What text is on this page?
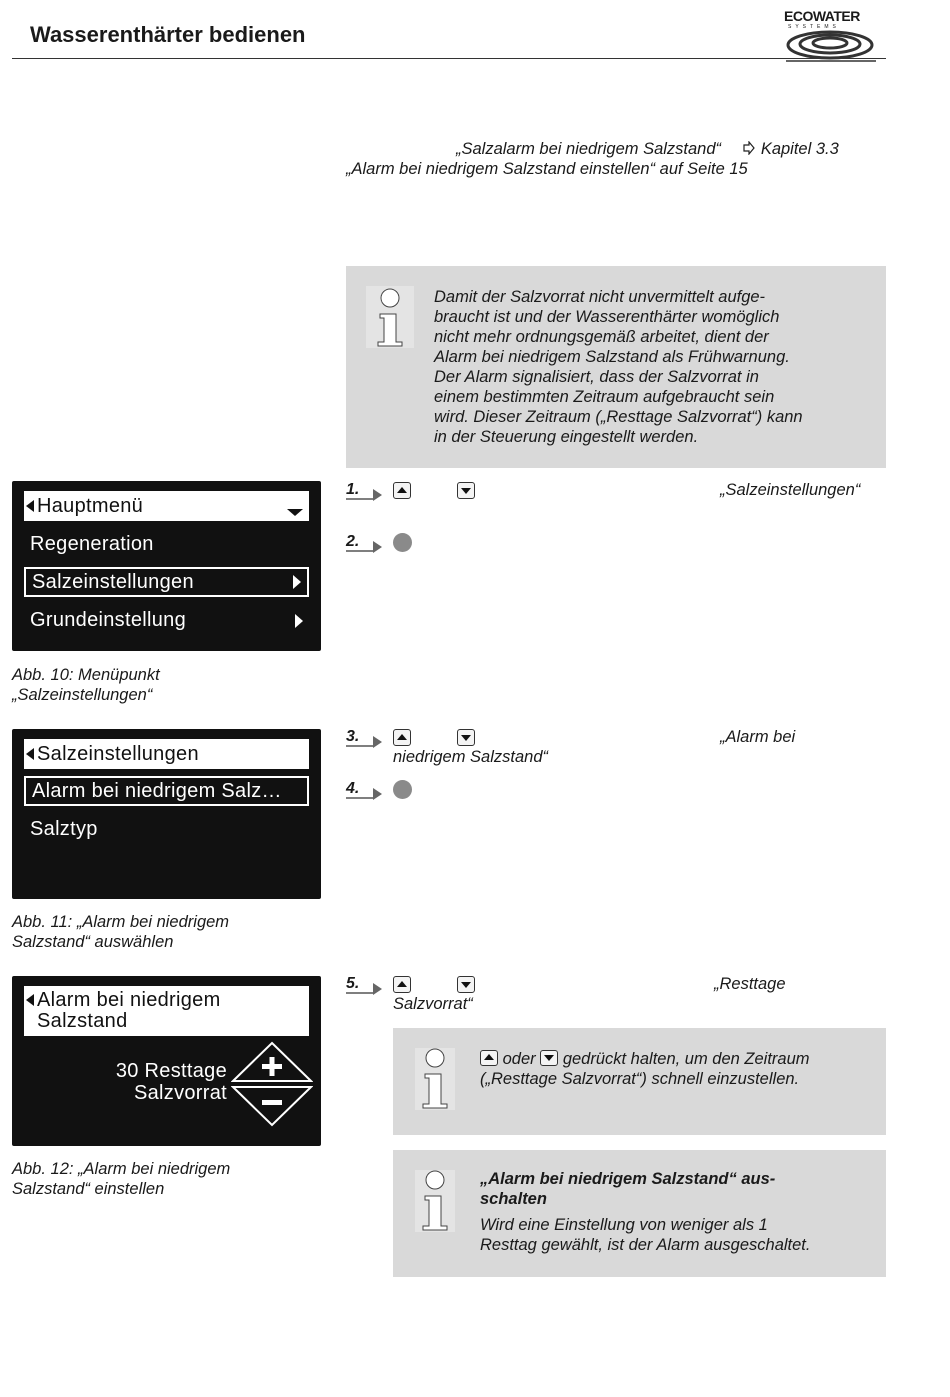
Wasserenthärter bedienen
ECOWATER
SYSTEMS
„Salzalarm bei niedrigem Salzstand“ Kapitel 3.3
„Alarm bei niedrigem Salzstand einstellen“ auf Seite 15
Damit der Salzvorrat nicht unvermittelt aufge-
braucht ist und der Wasserenthärter womöglich
nicht mehr ordnungsgemäß arbeitet, dient der
Alarm bei niedrigem Salzstand als Frühwarnung.
Der Alarm signalisiert, dass der Salzvorrat in
einem bestimmten Zeitraum aufgebraucht sein
wird. Dieser Zeitraum („Resttage Salzvorrat“) kann
in der Steuerung eingestellt werden.
Hauptmenü
Regeneration
Salzeinstellungen
Grundeinstellung
Abb. 10: Menüpunkt
„Salzeinstellungen“
1.	„Salzeinstellungen“
2.
Salzeinstellungen
Alarm bei niedrigem Salz…
Salztyp
Abb. 11: „Alarm bei niedrigem
Salzstand“ auswählen
3.	„Alarm bei
niedrigem Salzstand“
4.
Alarm bei niedrigem
Salzstand
30 Resttage
Salzvorrat
Abb. 12: „Alarm bei niedrigem
Salzstand“ einstellen
5.	„Resttage
Salzvorrat“
oder gedrückt halten, um den Zeitraum
(„Resttage Salzvorrat“) schnell einzustellen.
„Alarm bei niedrigem Salzstand“ aus-
schalten
Wird eine Einstellung von weniger als 1
Resttag gewählt, ist der Alarm ausgeschaltet.
